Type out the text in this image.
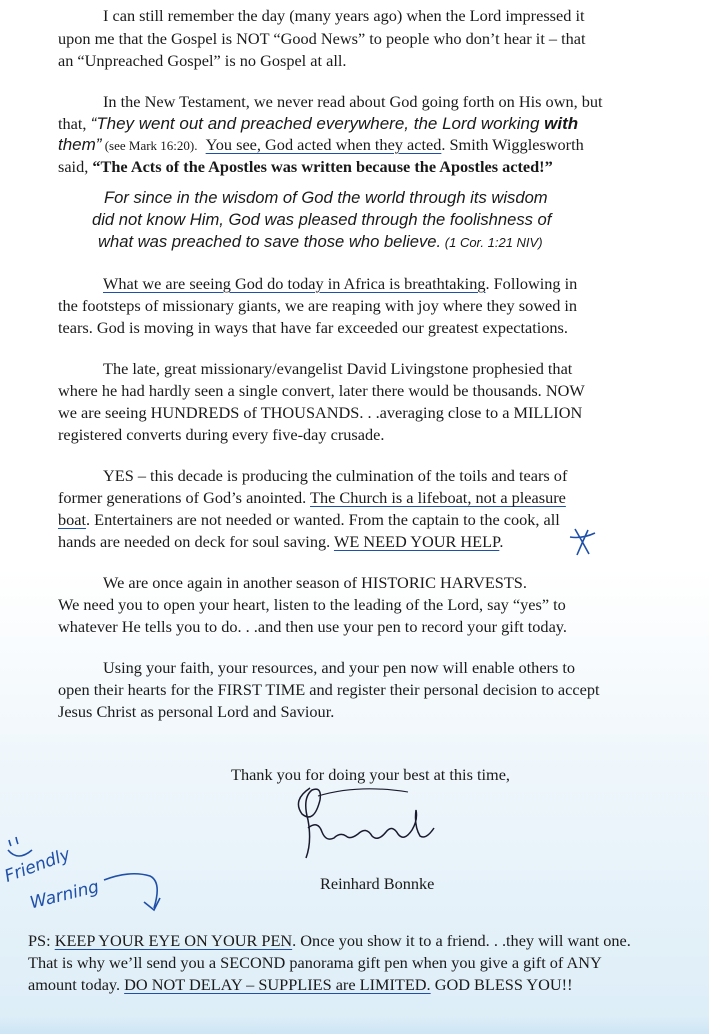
I can still remember the day (many years ago) when the Lord impressed it
upon me that the Gospel is NOT “Good News” to people who don’t hear it – that
an “Unpreached Gospel” is no Gospel at all.
In the New Testament, we never read about God going forth on His own, but
that, “They went out and preached everywhere, the Lord working with
them” (see Mark 16:20). You see, God acted when they acted. Smith Wigglesworth
said, “The Acts of the Apostles was written because the Apostles acted!”
For since in the wisdom of God the world through its wisdom
did not know Him, God was pleased through the foolishness of
what was preached to save those who believe. (1 Cor. 1:21 NIV)
What we are seeing God do today in Africa is breathtaking. Following in
the footsteps of missionary giants, we are reaping with joy where they sowed in
tears. God is moving in ways that have far exceeded our greatest expectations.
The late, great missionary/evangelist David Livingstone prophesied that
where he had hardly seen a single convert, later there would be thousands. NOW
we are seeing HUNDREDS of THOUSANDS. . .averaging close to a MILLION
registered converts during every five-day crusade.
YES – this decade is producing the culmination of the toils and tears of
former generations of God’s anointed. The Church is a lifeboat, not a pleasure
boat. Entertainers are not needed or wanted. From the captain to the cook, all
hands are needed on deck for soul saving. WE NEED YOUR HELP.
We are once again in another season of HISTORIC HARVESTS.
We need you to open your heart, listen to the leading of the Lord, say “yes” to
whatever He tells you to do. . .and then use your pen to record your gift today.
Using your faith, your resources, and your pen now will enable others to
open their hearts for the FIRST TIME and register their personal decision to accept
Jesus Christ as personal Lord and Saviour.
Thank you for doing your best at this time,
Reinhard Bonnke
Friendly
Warning
PS: KEEP YOUR EYE ON YOUR PEN. Once you show it to a friend. . .they will want one.
That is why we’ll send you a SECOND panorama gift pen when you give a gift of ANY
amount today. DO NOT DELAY – SUPPLIES are LIMITED. GOD BLESS YOU!!
